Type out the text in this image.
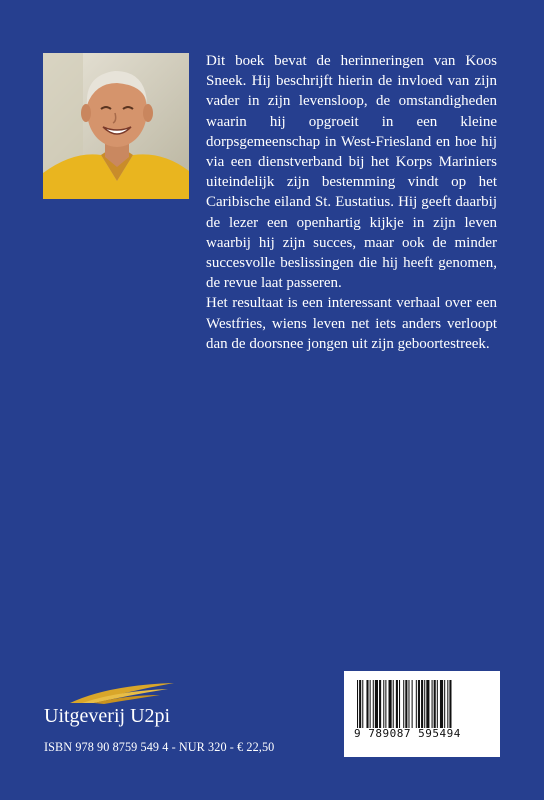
Dit boek bevat de herinneringen van Koos Sneek. Hij beschrijft hierin de invloed van zijn vader in zijn levensloop, de omstandigheden waarin hij opgroeit in een kleine dorpsgemeenschap in West-Friesland en hoe hij via een dienstverband bij het Korps Mariniers uiteindelijk zijn bestemming vindt op het Caribische eiland St. Eustatius. Hij geeft daarbij de lezer een openhartig kijkje in zijn leven waarbij hij zijn succes, maar ook de minder succesvolle beslissingen die hij heeft genomen, de revue laat passeren.

Het resultaat is een interessant verhaal over een Westfries, wiens leven net iets anders verloopt dan de doorsnee jongen uit zijn geboortestreek.

Uitgeverij U2pi
ISBN 978 90 8759 549 4 - NUR 320 - € 22,50
9 789087 595494
